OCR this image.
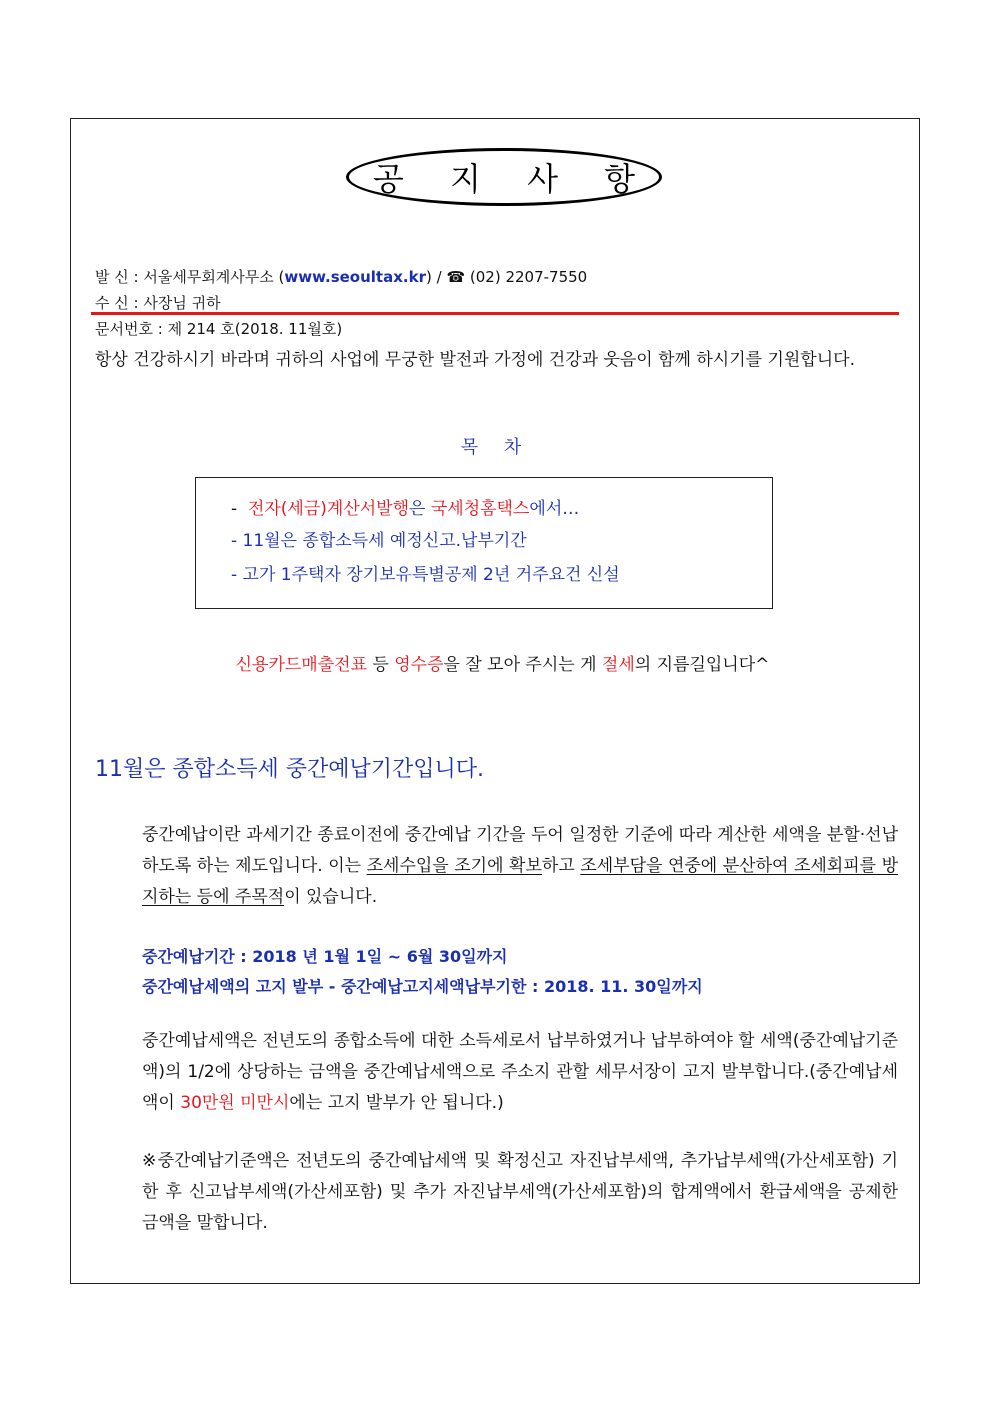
공 지 사 항
발 신 : 서울세무회계사무소 (www.seoultax.kr) / ☎ (02) 2207-7550
수 신 : 사장님 귀하
문서번호 : 제 214 호(2018. 11월호)
항상 건강하시기 바라며 귀하의 사업에 무궁한 발전과 가정에 건강과 웃음이 함께 하시기를 기원합니다.
목 차
- 전자(세금)계산서발행은 국세청홈택스에서…
- 11월은 종합소득세 예정신고.납부기간
- 고가 1주택자 장기보유특별공제 2년 거주요건 신설
신용카드매출전표 등 영수증을 잘 모아 주시는 게 절세의 지름길입니다^
11월은 종합소득세 중간예납기간입니다.
중간예납이란 과세기간 종료이전에 중간예납 기간을 두어 일정한 기준에 따라 계산한 세액을 분할·선납하도록 하는 제도입니다. 이는 조세수입을 조기에 확보하고 조세부담을 연중에 분산하여 조세회피를 방지하는 등에 주목적이 있습니다.
중간예납기간 : 2018 년 1월 1일 ~ 6월 30일까지
중간예납세액의 고지 발부 - 중간예납고지세액납부기한 : 2018. 11. 30일까지
중간예납세액은 전년도의 종합소득에 대한 소득세로서 납부하였거나 납부하여야 할 세액(중간예납기준액)의 1/2에 상당하는 금액을 중간예납세액으로 주소지 관할 세무서장이 고지 발부합니다.(중간예납세액이 30만원 미만시에는 고지 발부가 안 됩니다.)
※중간예납기준액은 전년도의 중간예납세액 및 확정신고 자진납부세액, 추가납부세액(가산세포함) 기한 후 신고납부세액(가산세포함) 및 추가 자진납부세액(가산세포함)의 합계액에서 환급세액을 공제한 금액을 말합니다.
